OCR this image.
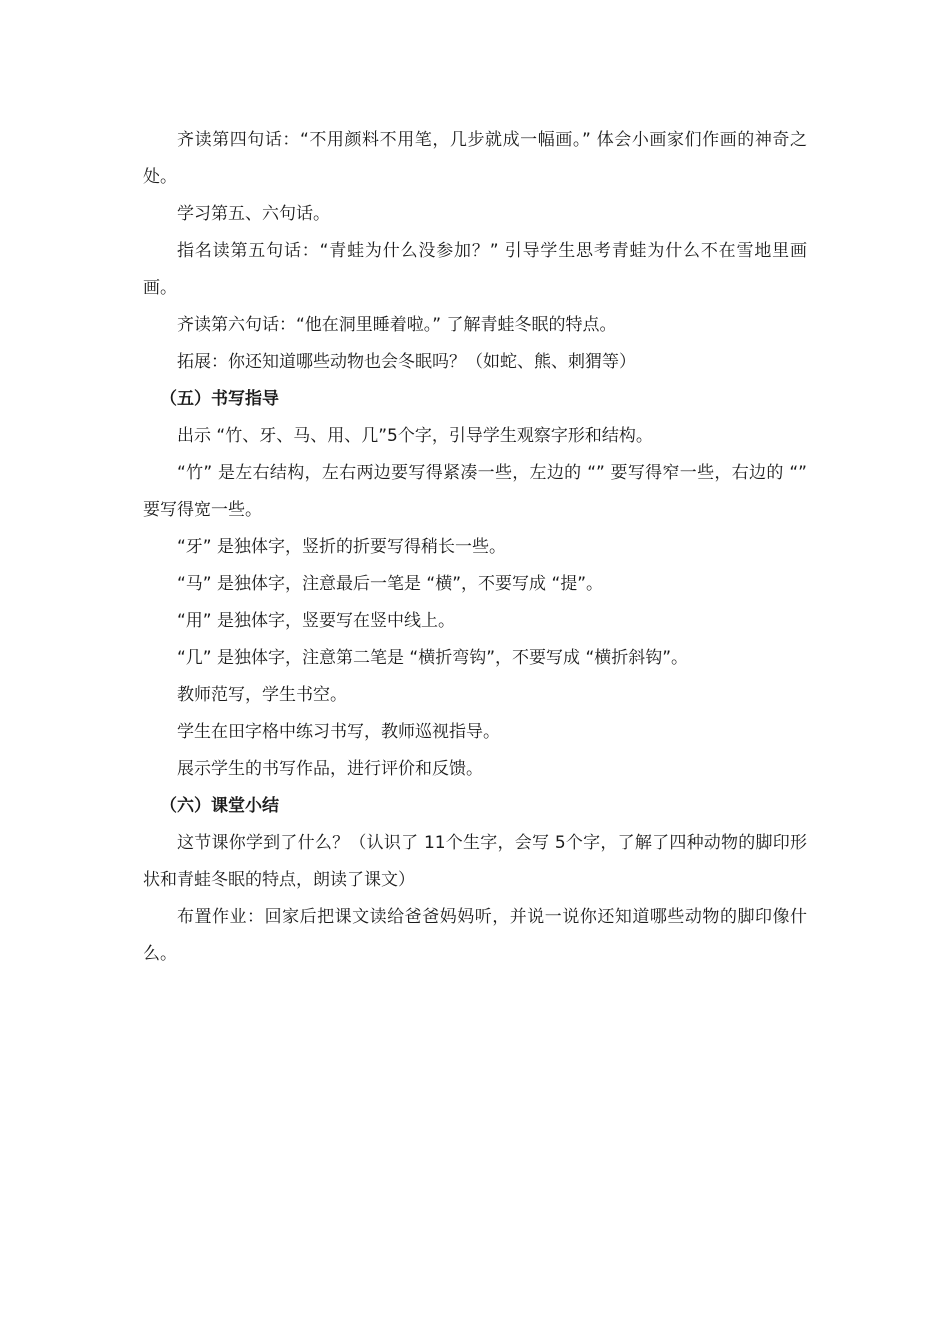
齐读第四句话：“不用颜料不用笔，几步就成一幅画。” 体会小画家们作画的神奇之处。

学习第五、六句话。

指名读第五句话：“青蛙为什么没参加？” 引导学生思考青蛙为什么不在雪地里画画。

齐读第六句话：“他在洞里睡着啦。” 了解青蛙冬眠的特点。

拓展：你还知道哪些动物也会冬眠吗？（如蛇、熊、刺猬等）

（五）书写指导

出示 “竹、牙、马、用、几”5个字，引导学生观察字形和结构。

“竹” 是左右结构，左右两边要写得紧凑一些，左边的 “” 要写得窄一些，右边的 “” 要写得宽一些。

“牙” 是独体字，竖折的折要写得稍长一些。

“马” 是独体字，注意最后一笔是 “横”，不要写成 “提”。

“用” 是独体字，竖要写在竖中线上。

“几” 是独体字，注意第二笔是 “横折弯钩”，不要写成 “横折斜钩”。

教师范写，学生书空。

学生在田字格中练习书写，教师巡视指导。

展示学生的书写作品，进行评价和反馈。

（六）课堂小结

这节课你学到了什么？（认识了 11个生字，会写 5个字，了解了四种动物的脚印形状和青蛙冬眠的特点，朗读了课文）

布置作业：回家后把课文读给爸爸妈妈听，并说一说你还知道哪些动物的脚印像什么。
